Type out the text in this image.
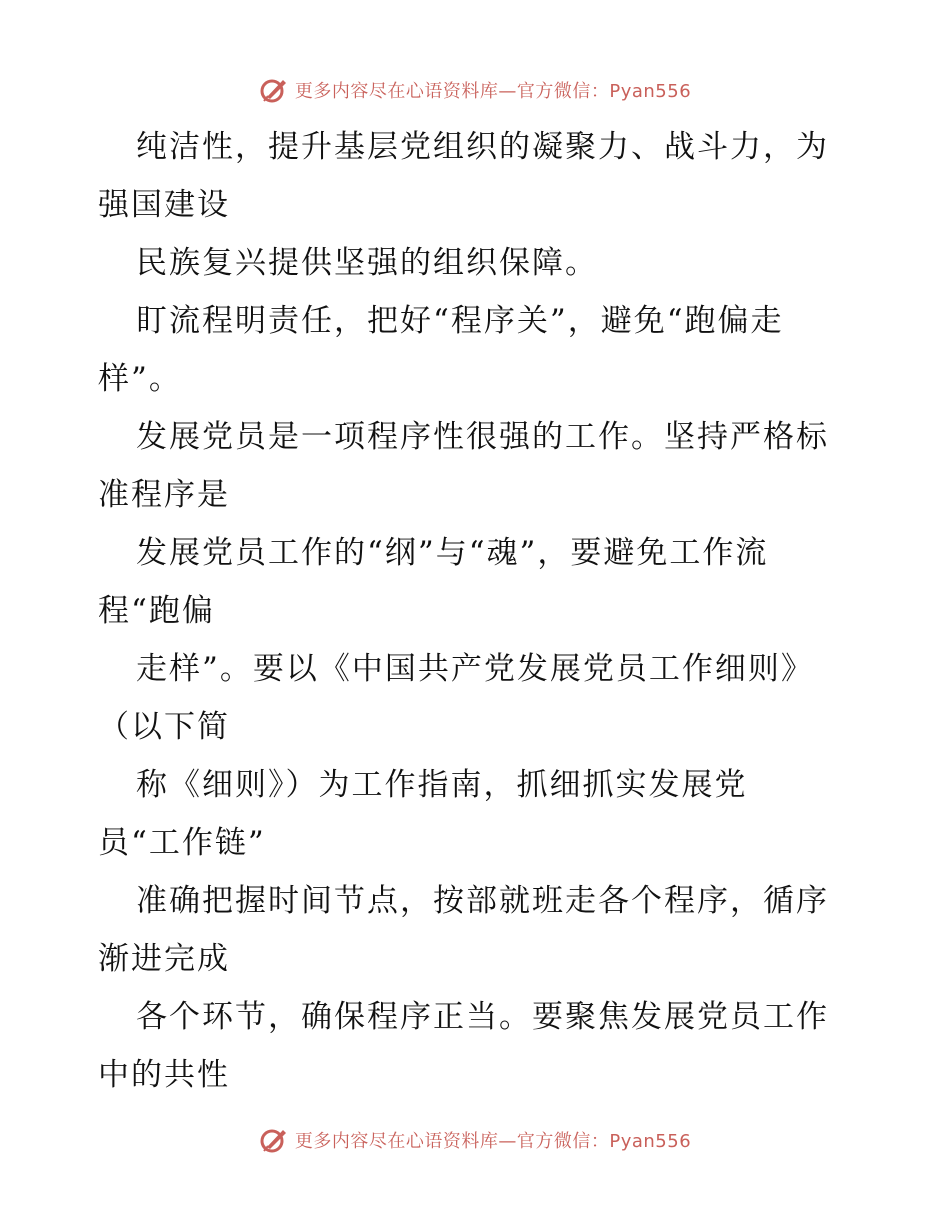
更多内容尽在心语资料库—官方微信：Pyan556
纯洁性，提升基层党组织的凝聚力、战斗力，为
强国建设
民族复兴提供坚强的组织保障。
盯流程明责任，把好“程序关”，避免“跑偏走
样”。
发展党员是一项程序性很强的工作。坚持严格标
准程序是
发展党员工作的“纲”与“魂”，要避免工作流
程“跑偏
走样”。要以《中国共产党发展党员工作细则》
（以下简
称《细则》）为工作指南，抓细抓实发展党
员“工作链”
准确把握时间节点，按部就班走各个程序，循序
渐进完成
各个环节，确保程序正当。要聚焦发展党员工作
中的共性
更多内容尽在心语资料库—官方微信：Pyan556
